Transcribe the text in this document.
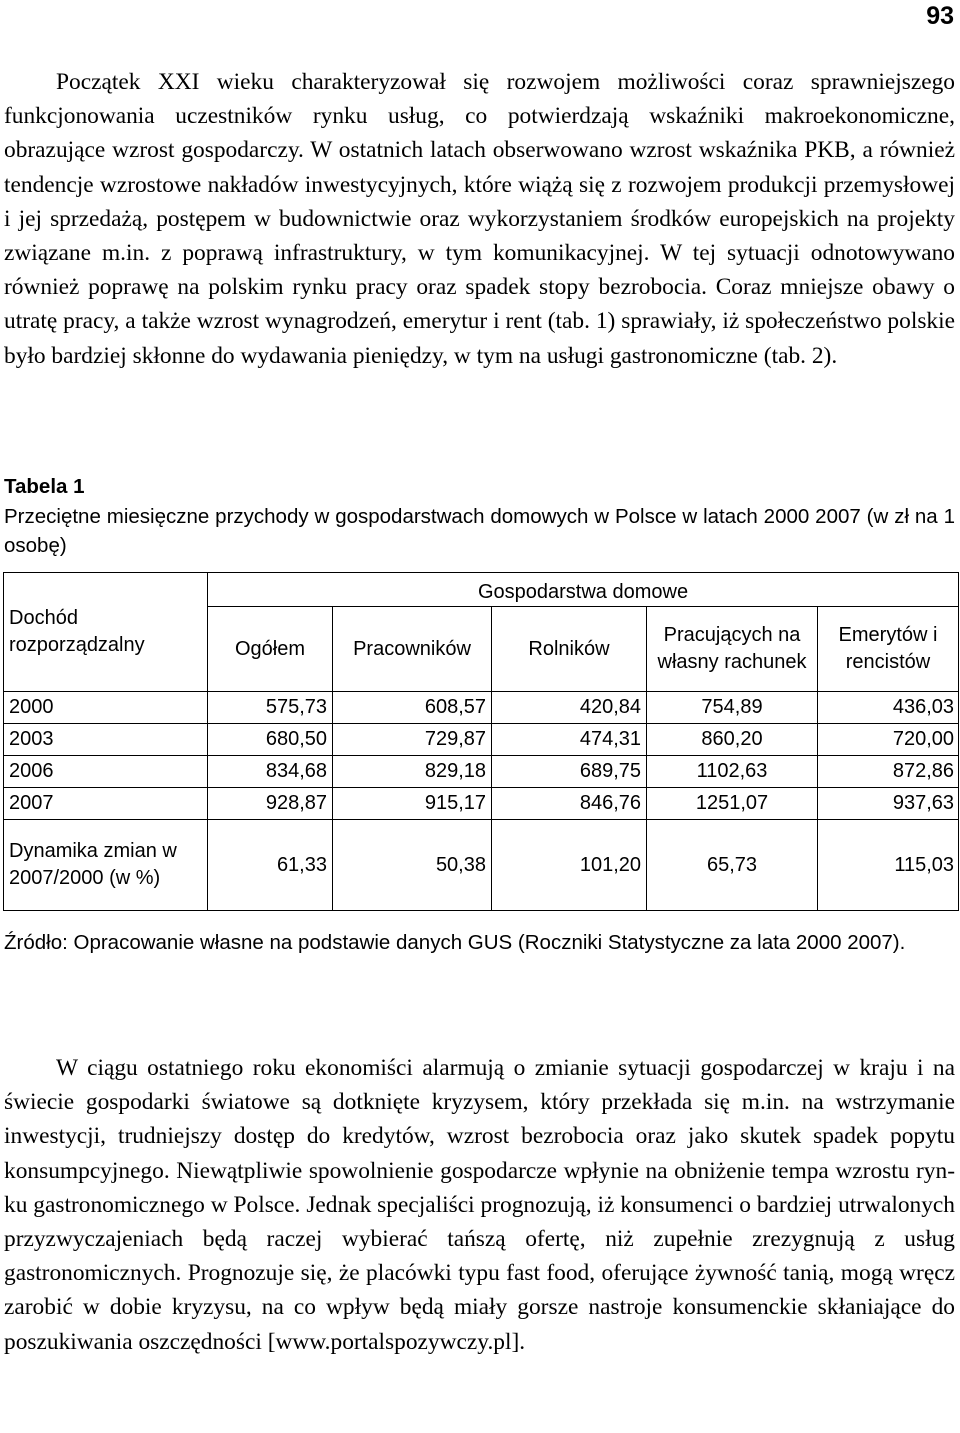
93

Początek XXI wieku charakteryzował się rozwojem możliwości coraz sprawniejszego funkcjonowania uczestników rynku usług, co potwierdzają wskaźniki makroekonomiczne, obrazujące wzrost gospodarczy. W ostatnich latach obserwowano wzrost wskaźnika PKB, a również tendencje wzrostowe nakładów inwestycyjnych, które wiążą się z rozwojem produkcji przemysłowej i jej sprzedażą, postępem w budownictwie oraz wykorzystaniem środków europejskich na projekty związane m.in. z poprawą infrastruktury, w tym komunikacyjnej. W tej sytuacji odnotowywano również poprawę na polskim rynku pracy oraz spadek stopy bezrobocia. Coraz mniejsze obawy o utratę pracy, a także wzrost wynagrodzeń, emerytur i rent (tab. 1) sprawiały, iż społeczeństwo polskie było bardziej skłonne do wydawania pieniędzy, w tym na usługi gastronomiczne (tab. 2).

Tabela 1
Przeciętne miesięczne przychody w gospodarstwach domowych w Polsce w latach 2000 2007 (w zł na 1 osobę)
Dochód rozporządzalny	Gospodarstwa domowe				
	Ogółem	Pracowników	Rolników	Pracujących na własny rachunek	Emerytów i rencistów
2000	575,73	608,57	420,84	754,89	436,03
2003	680,50	729,87	474,31	860,20	720,00
2006	834,68	829,18	689,75	1102,63	872,86
2007	928,87	915,17	846,76	1251,07	937,63
Dynamika zmian w 2007/2000 (w %)	61,33	50,38	101,20	65,73	115,03
Źródło: Opracowanie własne na podstawie danych GUS (Roczniki Statystyczne za lata 2000 2007).

W ciągu ostatniego roku ekonomiści alarmują o zmianie sytuacji gospodarczej w kraju i na świecie gospodarki światowe są dotknięte kryzysem, który przekłada się m.in. na wstrzymanie inwestycji, trudniejszy dostęp do kredytów, wzrost bezrobocia oraz jako skutek spadek popytu konsumpcyjnego. Niewątpliwie spowolnienie gospodarcze wpłynie na obniżenie tempa wzrostu rynku gastronomicznego w Polsce. Jednak specjaliści prognozują, iż konsumenci o bardziej utrwalonych przyzwyczajeniach będą raczej wybierać tańszą ofertę, niż zupełnie zrezygnują z usług gastronomicznych. Prognozuje się, że placówki typu fast food, oferujące żywność tanią, mogą wręcz zarobić w dobie kryzysu, na co wpływ będą miały gorsze nastroje konsumenckie skłaniające do poszukiwania oszczędności [www.portalspozywczy.pl].
